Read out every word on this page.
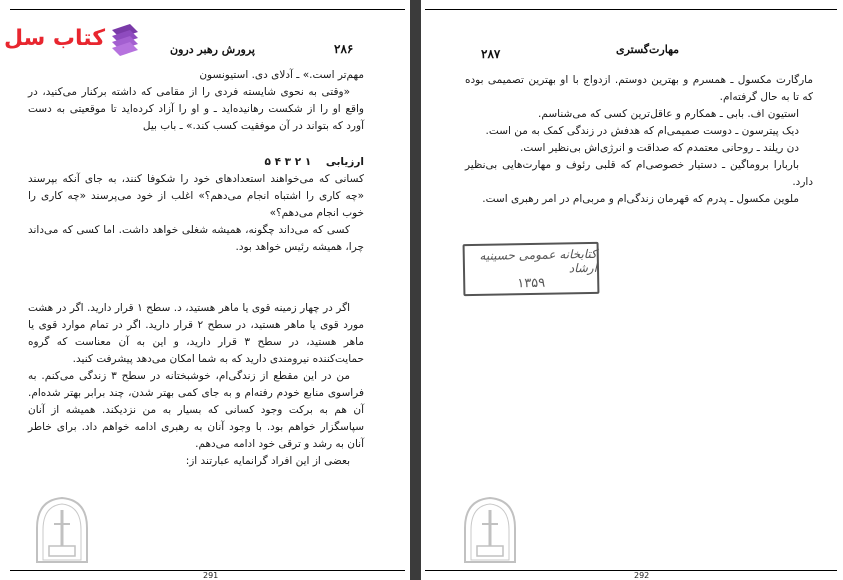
کتاب سل	۲۸۶
پرورش رهبر درون

مهم‌تر است.» ـ آدلای دی. استیونسون

«وقتی به نحوی شایسته فردی را از مقامی که داشته برکنار می‌کنید، در واقع او را از شکست رهانیده‌اید ـ و او را آزاد کرده‌اید تا موقعیتی به دست آورد که بتواند در آن موفقیت کسب کند.» ـ باب بیل

ارزیابی    ۱ ۲ ۳ ۴ ۵

کسانی که می‌خواهند استعدادهای خود را شکوفا کنند، به جای آنکه بپرسند «چه کاری را اشتباه انجام می‌دهم؟» اغلب از خود می‌پرسند «چه کاری را خوب انجام می‌دهم؟»

کسی که می‌داند چگونه، همیشه شغلی خواهد داشت. اما کسی که می‌داند چرا، همیشه رئیس خواهد بود.

اگر در چهار زمینه قوی یا ماهر هستید، د. سطح ۱ قرار دارید. اگر در هشت مورد قوی یا ماهر هستید، در سطح ۲ قرار دارید. اگر در تمام موارد قوی یا ماهر هستید، در سطح ۳ قرار دارید، و این به آن معناست که گروه حمایت‌کننده نیرومندی دارید که به شما امکان می‌دهد پیشرفت کنید.

من در این مقطع از زندگی‌ام، خوشبختانه در سطح ۳ زندگی می‌کنم. به فراسوی منابع خودم رفته‌ام و به جای کمی بهتر شدن، چند برابر بهتر شده‌ام. آن هم به برکت وجود کسانی که بسیار به من نزدیکند. همیشه از آنان سپاسگزار خواهم بود. با وجود آنان به رهبری ادامه خواهم داد. برای خاطر آنان به رشد و ترقی خود ادامه می‌دهم.

بعضی از این افراد گرانمایه عبارتند از:

۲۸۷	مهارت‌گستری

مارگارت مکسول ـ همسرم و بهترین دوستم. ازدواج با او بهترین تصمیمی بوده که تا به حال گرفته‌ام.

استیون اف. بابی ـ همکارم و عاقل‌ترین کسی که می‌شناسم.

دیک پیترسون ـ دوست صمیمی‌ام که هدفش در زندگی کمک به من است.

دن ریلند ـ روحانی معتمدم که صداقت و انرژی‌اش بی‌نظیر است.

باربارا بروماگین ـ دستیار خصوصی‌ام که قلبی رئوف و مهارت‌هایی بی‌نظیر دارد.

ملوین مکسول ـ پدرم که قهرمان زندگی‌ام و مربی‌ام در امر رهبری است.

کتابخانه عمومی حسینیه ارشاد
۱۳۵۹
291	292
